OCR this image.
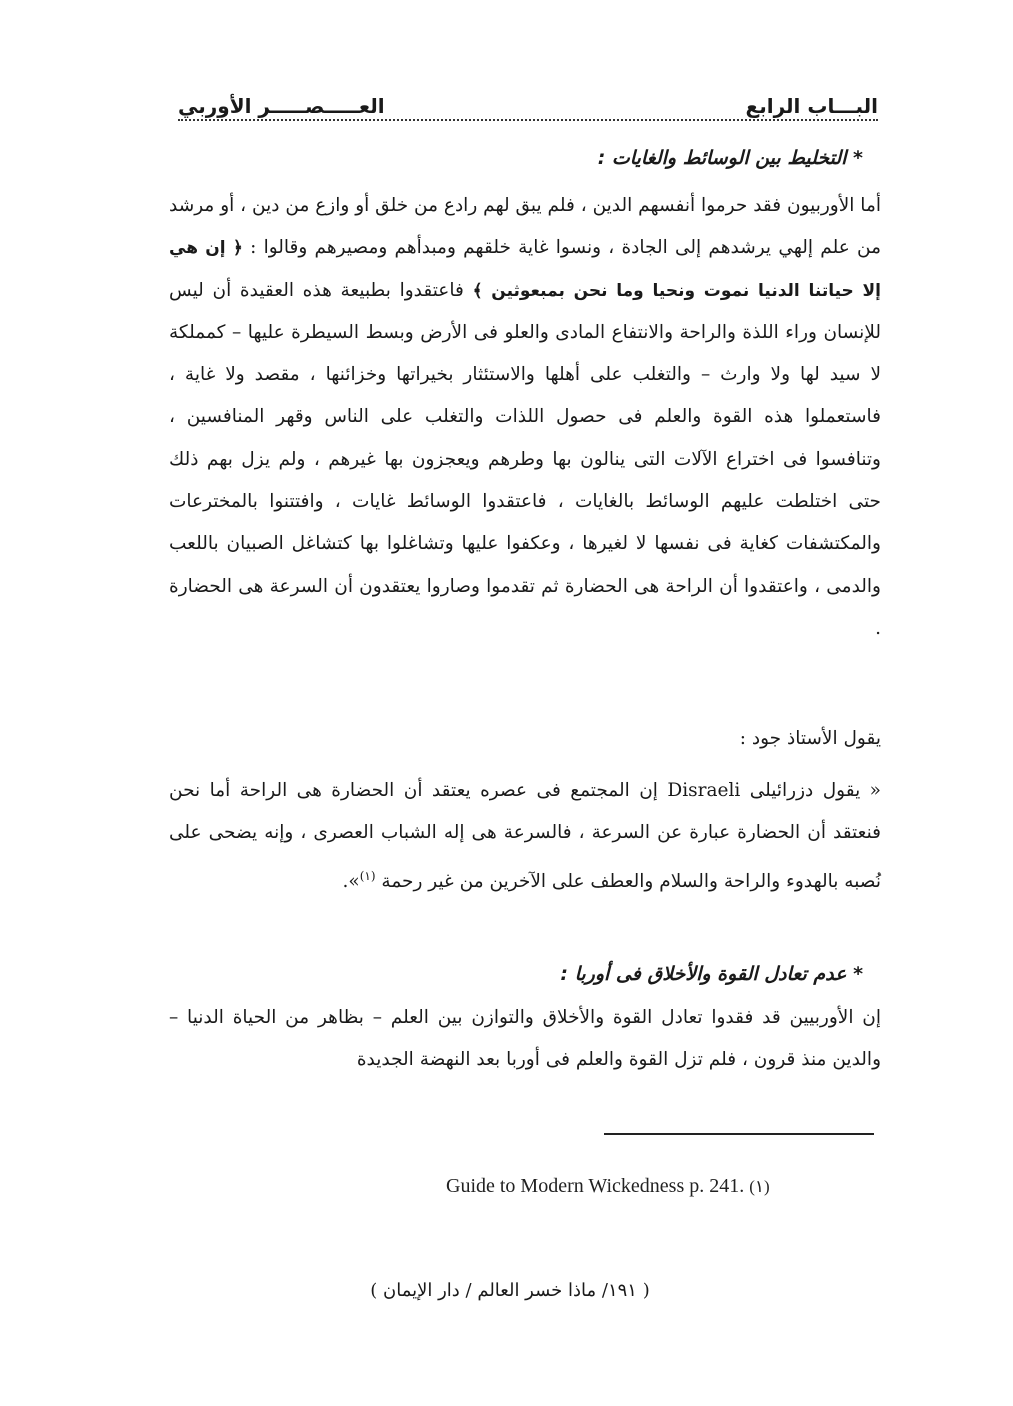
البـــاب الرابع
العـــــصـــــر الأوربي
* التخليط بين الوسائط والغايات :
أما الأوربيون فقد حرموا أنفسهم الدين ، فلم يبق لهم رادع من خلق أو وازع من دين ، أو مرشد من علم إلهي يرشدهم إلى الجادة ، ونسوا غاية خلقهم ومبدأهم ومصيرهم وقالوا : ﴿ إن هي إلا حياتنا الدنيا نموت ونحيا وما نحن بمبعوثين ﴾ فاعتقدوا بطبيعة هذه العقيدة أن ليس للإنسان وراء اللذة والراحة والانتفاع المادى والعلو فى الأرض وبسط السيطرة عليها – كمملكة لا سيد لها ولا وارث – والتغلب على أهلها والاستئثار بخيراتها وخزائنها ، مقصد ولا غاية ، فاستعملوا هذه القوة والعلم فى حصول اللذات والتغلب على الناس وقهر المنافسين ، وتنافسوا فى اختراع الآلات التى ينالون بها وطرهم ويعجزون بها غيرهم ، ولم يزل بهم ذلك حتى اختلطت عليهم الوسائط بالغايات ، فاعتقدوا الوسائط غايات ، وافتتنوا بالمخترعات والمكتشفات كغاية فى نفسها لا لغيرها ، وعكفوا عليها وتشاغلوا بها كتشاغل الصبيان باللعب والدمى ، واعتقدوا أن الراحة هى الحضارة ثم تقدموا وصاروا يعتقدون أن السرعة هى الحضارة .
يقول الأستاذ جود :
« يقول دزرائيلى Disraeli إن المجتمع فى عصره يعتقد أن الحضارة هى الراحة أما نحن فنعتقد أن الحضارة عبارة عن السرعة ، فالسرعة هى إله الشباب العصرى ، وإنه يضحى على نُصبه بالهدوء والراحة والسلام والعطف على الآخرين من غير رحمة $^{(١)}$».
* عدم تعادل القوة والأخلاق فى أوربا :
إن الأوربيين قد فقدوا تعادل القوة والأخلاق والتوازن بين العلم – بظاهر من الحياة الدنيا – والدين منذ قرون ، فلم تزل القوة والعلم فى أوربا بعد النهضة الجديدة
Guide to Modern Wickedness p. 241. (١)
( ١٩١/ ماذا خسر العالم / دار الإيمان )
